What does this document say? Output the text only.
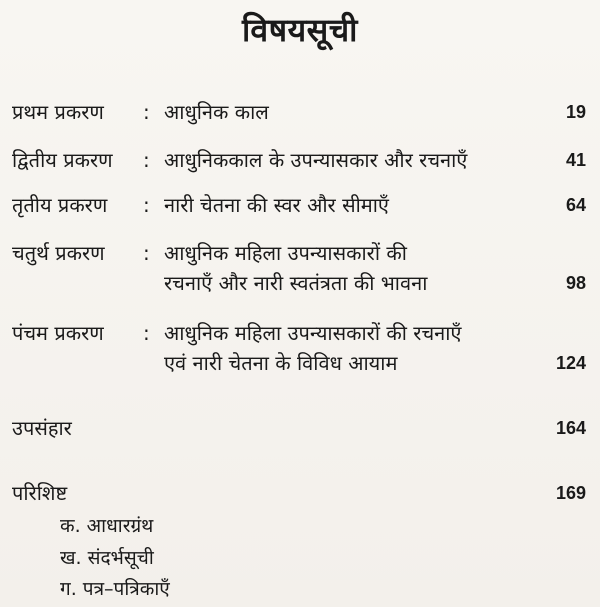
विषयसूची
प्रथम प्रकरण : आधुनिक काल	19
द्वितीय प्रकरण : आधुनिककाल के उपन्यासकार और रचनाएँ	41
तृतीय प्रकरण : नारी चेतना की स्वर और सीमाएँ	64
चतुर्थ प्रकरण : आधुनिक महिला उपन्यासकारों की
रचनाएँ और नारी स्वतंत्रता की भावना	98
पंचम प्रकरण : आधुनिक महिला उपन्यासकारों की रचनाएँ
एवं नारी चेतना के विविध आयाम	124
उपसंहार	164
परिशिष्ट	169
क. आधारग्रंथ
ख. संदर्भसूची
ग. पत्र–पत्रिकाएँ
